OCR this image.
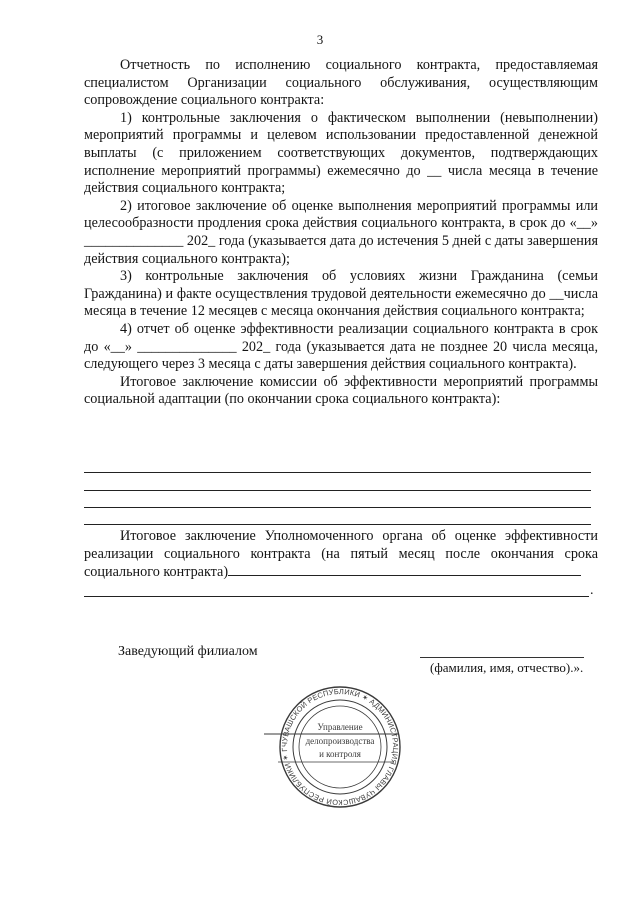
3

Отчетность по исполнению социального контракта, предоставляемая специалистом Организации социального обслуживания, осуществляющим сопровождение социального контракта:

1) контрольные заключения о фактическом выполнении (невыполнении) мероприятий программы и целевом использовании предоставленной денежной выплаты (с приложением соответствующих документов, подтверждающих исполнение мероприятий программы) ежемесячно до __ числа месяца в течение действия социального контракта;

2) итоговое заключение об оценке выполнения мероприятий программы или целесообразности продления срока действия социального контракта, в срок до «__» ______________ 202_ года (указывается дата до истечения 5 дней с даты завершения действия социального контракта);

3) контрольные заключения об условиях жизни Гражданина (семьи Гражданина) и факте осуществления трудовой деятельности ежемесячно до __числа месяца в течение 12 месяцев с месяца окончания действия социального контракта;

4) отчет об оценке эффективности реализации социального контракта в срок до «__» ______________ 202_ года (указывается дата не позднее 20 числа месяца, следующего через 3 месяца с даты завершения действия социального контракта).

Итоговое заключение комиссии об эффективности мероприятий программы социальной адаптации (по окончании срока социального контракта):

Итоговое заключение Уполномоченного органа об оценке эффективности реализации социального контракта (на пятый месяц после окончания срока социального контракта)

.
Заведующий филиалом
(фамилия, имя, отчество).».
ЧУВАШСКОЙ РЕСПУБЛИКИ ✶ АДМИНИСТРАЦИЯ ГЛАВЫ ЧУВАШСКОЙ РЕСПУБЛИКИ ✶ Г
Управление
делопроизводства
и контроля
